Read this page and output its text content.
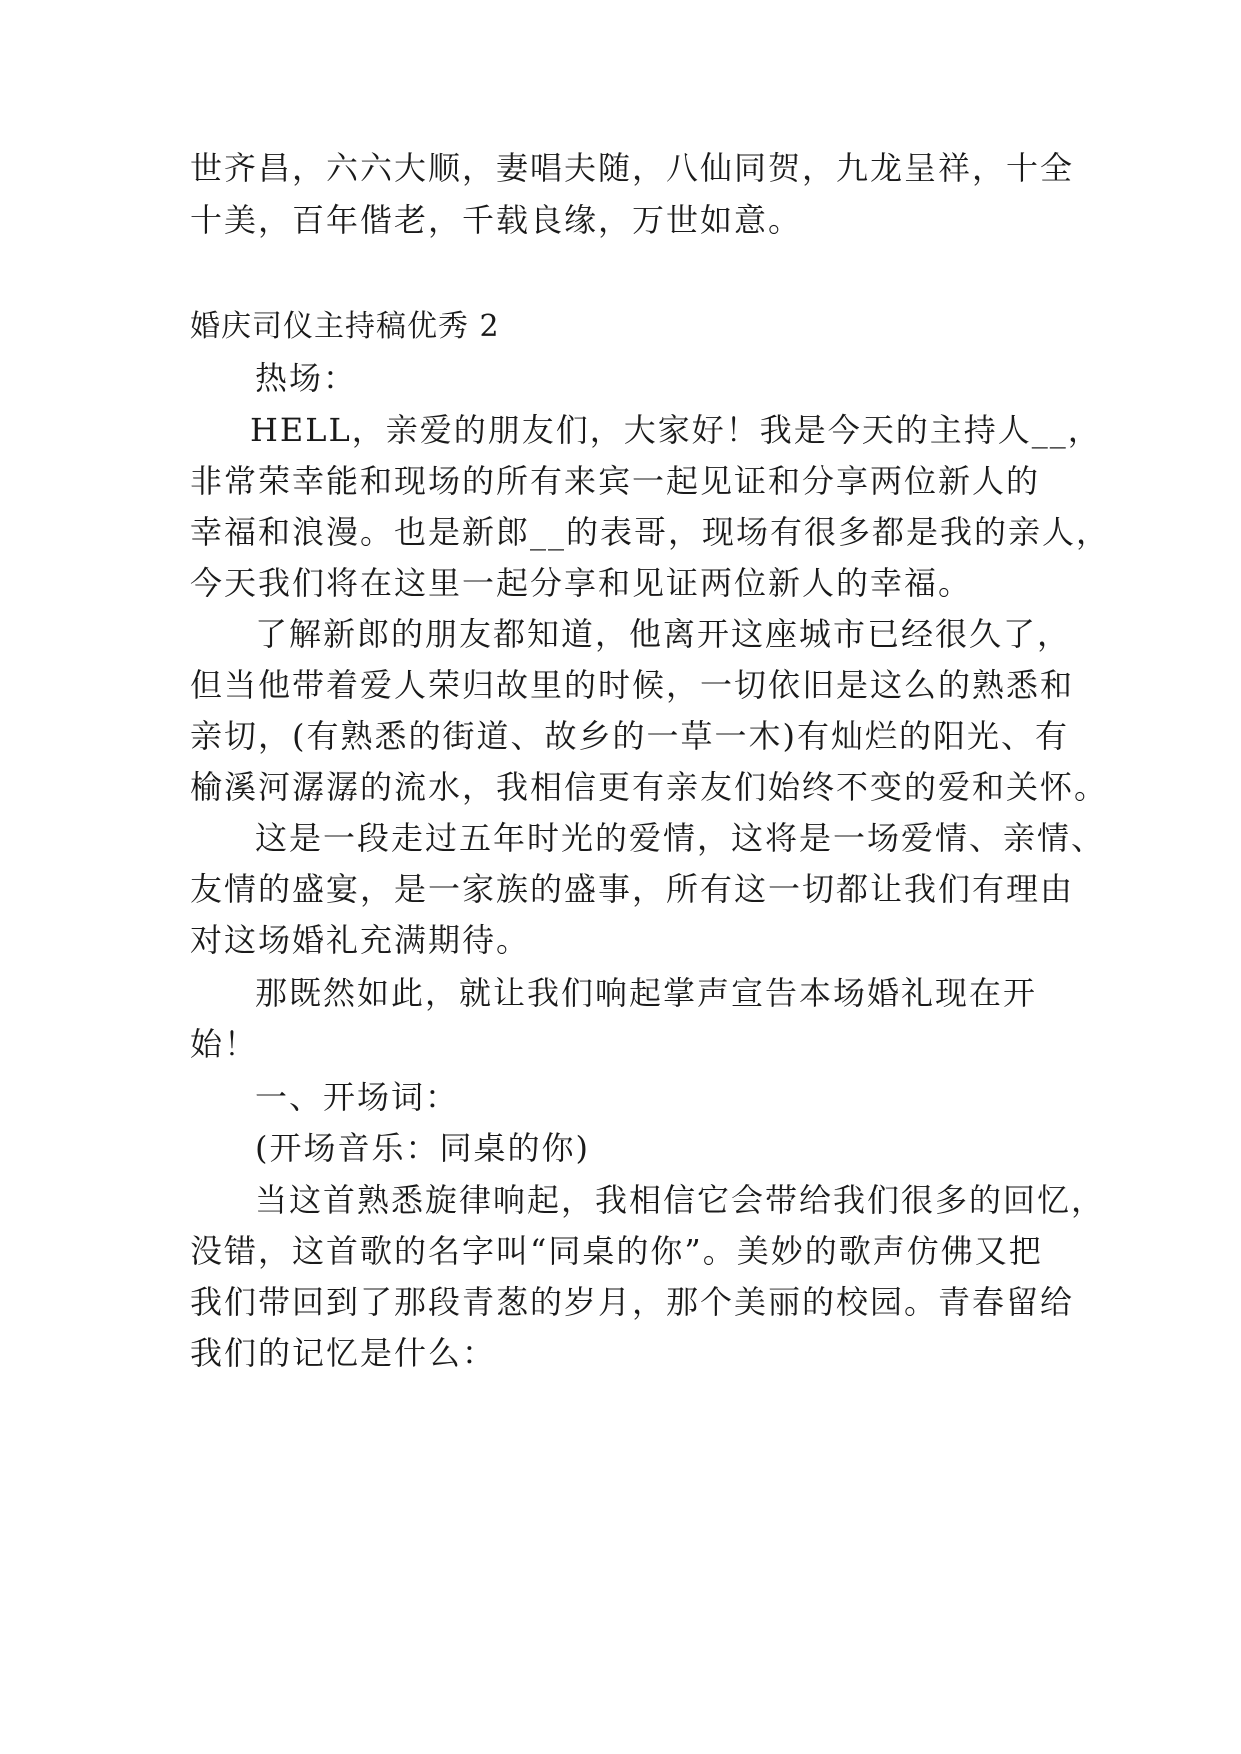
世齐昌，六六大顺，妻唱夫随，八仙同贺，九龙呈祥，十全
十美，百年偕老，千载良缘，万世如意。
婚庆司仪主持稿优秀 2
热场：
HELL，亲爱的朋友们，大家好！我是今天的主持人__，
非常荣幸能和现场的所有来宾一起见证和分享两位新人的
幸福和浪漫。也是新郎__的表哥，现场有很多都是我的亲人，
今天我们将在这里一起分享和见证两位新人的幸福。
了解新郎的朋友都知道，他离开这座城市已经很久了，
但当他带着爱人荣归故里的时候，一切依旧是这么的熟悉和
亲切，(有熟悉的街道、故乡的一草一木)有灿烂的阳光、有
榆溪河潺潺的流水，我相信更有亲友们始终不变的爱和关怀。
这是一段走过五年时光的爱情，这将是一场爱情、亲情、
友情的盛宴，是一家族的盛事，所有这一切都让我们有理由
对这场婚礼充满期待。
那既然如此，就让我们响起掌声宣告本场婚礼现在开
始！
一、开场词：
(开场音乐：同桌的你)
当这首熟悉旋律响起，我相信它会带给我们很多的回忆，
没错，这首歌的名字叫“同桌的你”。美妙的歌声仿佛又把
我们带回到了那段青葱的岁月，那个美丽的校园。青春留给
我们的记忆是什么：
